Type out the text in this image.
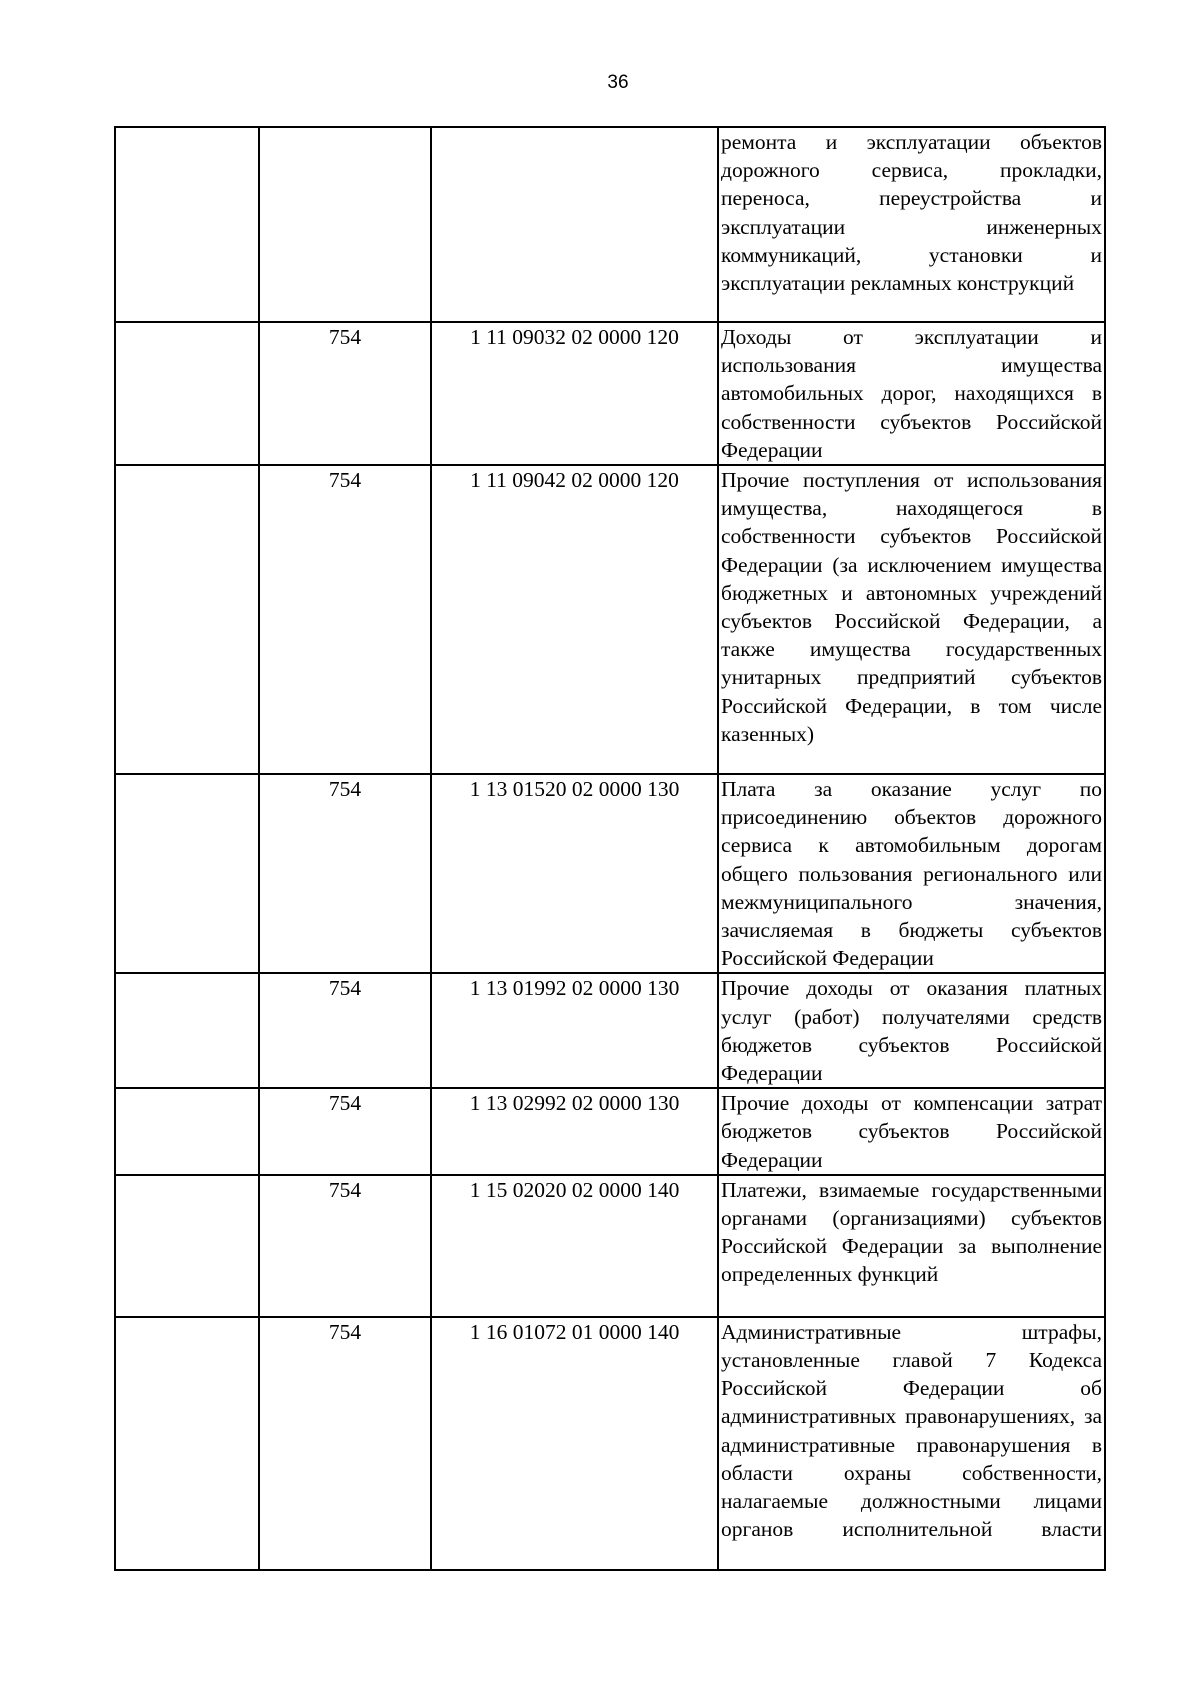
36
			ремонта и эксплуатации объектов дорожного сервиса, прокладки, переноса, переустройства и эксплуатации инженерных коммуникаций, установки и эксплуатации рекламных конструкций
	754	1 11 09032 02 0000 120	Доходы от эксплуатации и использования имущества автомобильных дорог, находящихся в собственности субъектов Российской Федерации
	754	1 11 09042 02 0000 120	Прочие поступления от использования имущества, находящегося в собственности субъектов Российской Федерации (за исключением имущества бюджетных и автономных учреждений субъектов Российской Федерации, а также имущества государственных унитарных предприятий субъектов Российской Федерации, в том числе казенных)
	754	1 13 01520 02 0000 130	Плата за оказание услуг по присоединению объектов дорожного сервиса к автомобильным дорогам общего пользования регионального или межмуниципального значения, зачисляемая в бюджеты субъектов Российской Федерации
	754	1 13 01992 02 0000 130	Прочие доходы от оказания платных услуг (работ) получателями средств бюджетов субъектов Российской Федерации
	754	1 13 02992 02 0000 130	Прочие доходы от компенсации затрат бюджетов субъектов Российской Федерации
	754	1 15 02020 02 0000 140	Платежи, взимаемые государственными органами (организациями) субъектов Российской Федерации за выполнение определенных функций
	754	1 16 01072 01 0000 140	Административные штрафы, установленные главой 7 Кодекса Российской Федерации об административных правонарушениях, за административные правонарушения в области охраны собственности, налагаемые должностными лицами органов исполнительной власти
